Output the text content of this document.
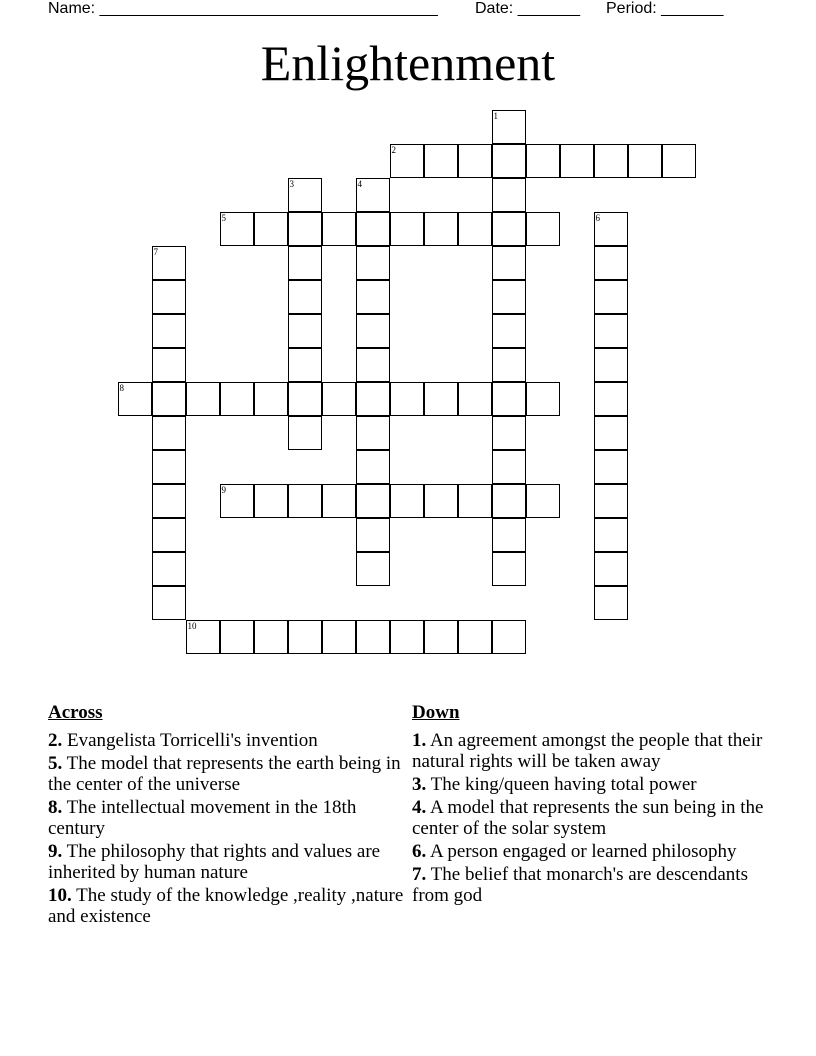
Name: ______________________________________ Date: _______ Period: _______
Enlightenment
1
2
3	4
5	6
7
8
9
10
Across
2. Evangelista Torricelli's invention
5. The model that represents the earth being in the center of the universe
8. The intellectual movement in the 18th century
9. The philosophy that rights and values are inherited by human nature
10. The study of the knowledge ,reality ,nature and existence
Down
1. An agreement amongst the people that their natural rights will be taken away
3. The king/queen having total power
4. A model that represents the sun being in the center of the solar system
6. A person engaged or learned philosophy
7. The belief that monarch's are descendants from god
